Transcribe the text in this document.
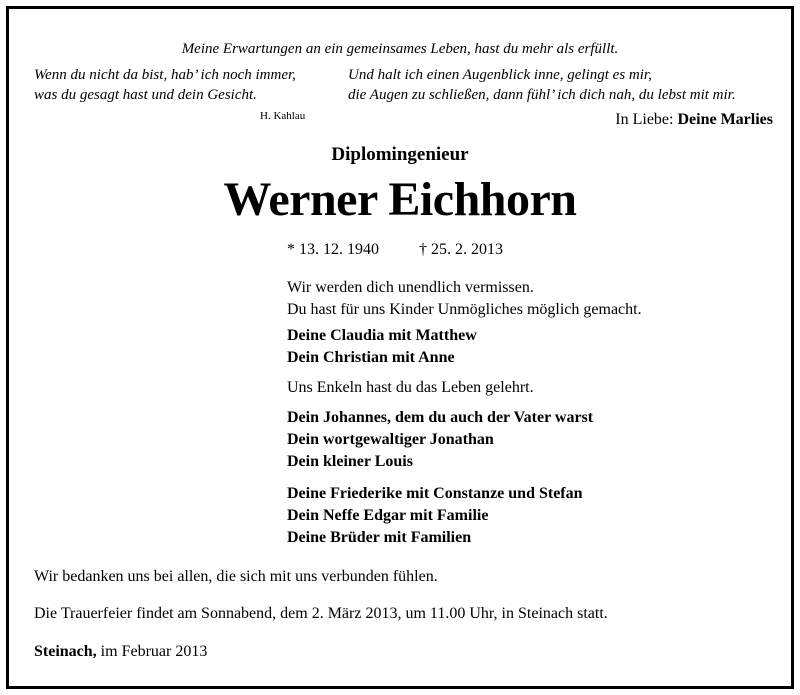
Meine Erwartungen an ein gemeinsames Leben, hast du mehr als erfüllt.
Wenn du nicht da bist, hab’ ich noch immer,
was du gesagt hast und dein Gesicht.
Und halt ich einen Augenblick inne, gelingt es mir,
die Augen zu schließen, dann fühl’ ich dich nah, du lebst mit mir.
H. Kahlau	In Liebe: Deine Marlies
Diplomingenieur
Werner Eichhorn
* 13. 12. 1940	† 25. 2. 2013

Wir werden dich unendlich vermissen.

Du hast für uns Kinder Unmögliches möglich gemacht.

Deine Claudia mit Matthew

Dein Christian mit Anne

Uns Enkeln hast du das Leben gelehrt.

Dein Johannes, dem du auch der Vater warst

Dein wortgewaltiger Jonathan

Dein kleiner Louis

Deine Friederike mit Constanze und Stefan

Dein Neffe Edgar mit Familie

Deine Brüder mit Familien

Wir bedanken uns bei allen, die sich mit uns verbunden fühlen.
Die Trauerfeier findet am Sonnabend, dem 2. März 2013, um 11.00 Uhr, in Steinach statt.
Steinach, im Februar 2013
